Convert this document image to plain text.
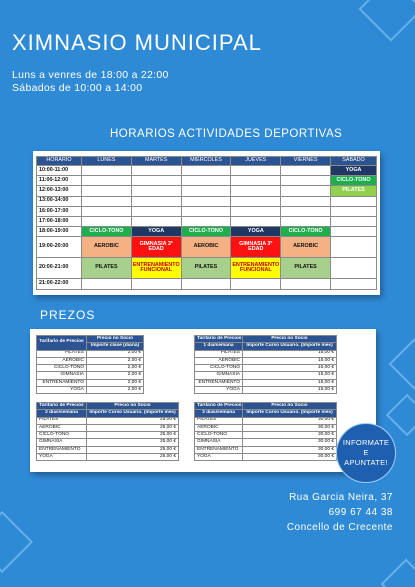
XIMNASIO MUNICIPAL
Luns a venres de 18:00 a 22:00
Sábados de 10:00 a 14:00
HORARIOS ACTIVIDADES DEPORTIVAS
HORARIO	LUNES	MARTES	MIERCOLES	JUEVES	VIERNES	SABADO
10:00-11:00						YOGA
11:00-12:00						CICLO-TONO
12:00-13:00						PILATES
13:00-14:00						
16:00-17:00						
17:00-18:00						
18:00-19:00	CICLO-TONO	YOGA	CICLO-TONO	YOGA	CICLO-TONO	
19:00-20:00	AEROBIC	GIMNASIA 3ª EDAD	AEROBIC	GIMNASIA 3ª EDAD	AEROBIC	
20:00-21:00	PILATES	ENTRENAMIENTO FUNCIONAL	PILATES	ENTRENAMIENTO FUNCIONAL	PILATES	
21:00-22:00						
PREZOS
Tarifario de Precios	Precio no Socio
	Importe clase (diaria)
PILATES	2,00 €
AEROBIC	2,00 €
CICLO-TONO	2,00 €
GIMNASIA	2,00 €
ENTRENAMIENTO	2,00 €
YOGA	2,00 €
Tarifario de Precios	Precio no Socio
1 dia/semana	Importe Curso Usuario. (Importe mes)
PILATES	15,00 €
AEROBIC	15,00 €
CICLO-TONO	15,00 €
GIMNASIA	15,00 €
ENTRENAMIENTO	15,00 €
YOGA	15,00 €
Tarifario de Precios	Precio no Socio
2 dias/semana	Importe Curso Usuario. (Importe mes)
PILATES	25,00 €
AEROBIC	25,00 €
CICLO-TONO	25,00 €
GIMNASIA	25,00 €
ENTRENAMIENTO	25,00 €
YOGA	25,00 €
Tarifario de Precios	Precio no Socio
3 dias/semana	Importe Curso Usuario. (Importe mes)
PILATES	30,00 €
AEROBIC	30,00 €
CICLO-TONO	30,00 €
GIMNASIA	30,00 €
ENTRENAMIENTO	30,00 €
YOGA	30,00 €
INFORMATE E APUNTATE!
Rua Garcia Neira, 37
699 67 44 38
Concello de Crecente
